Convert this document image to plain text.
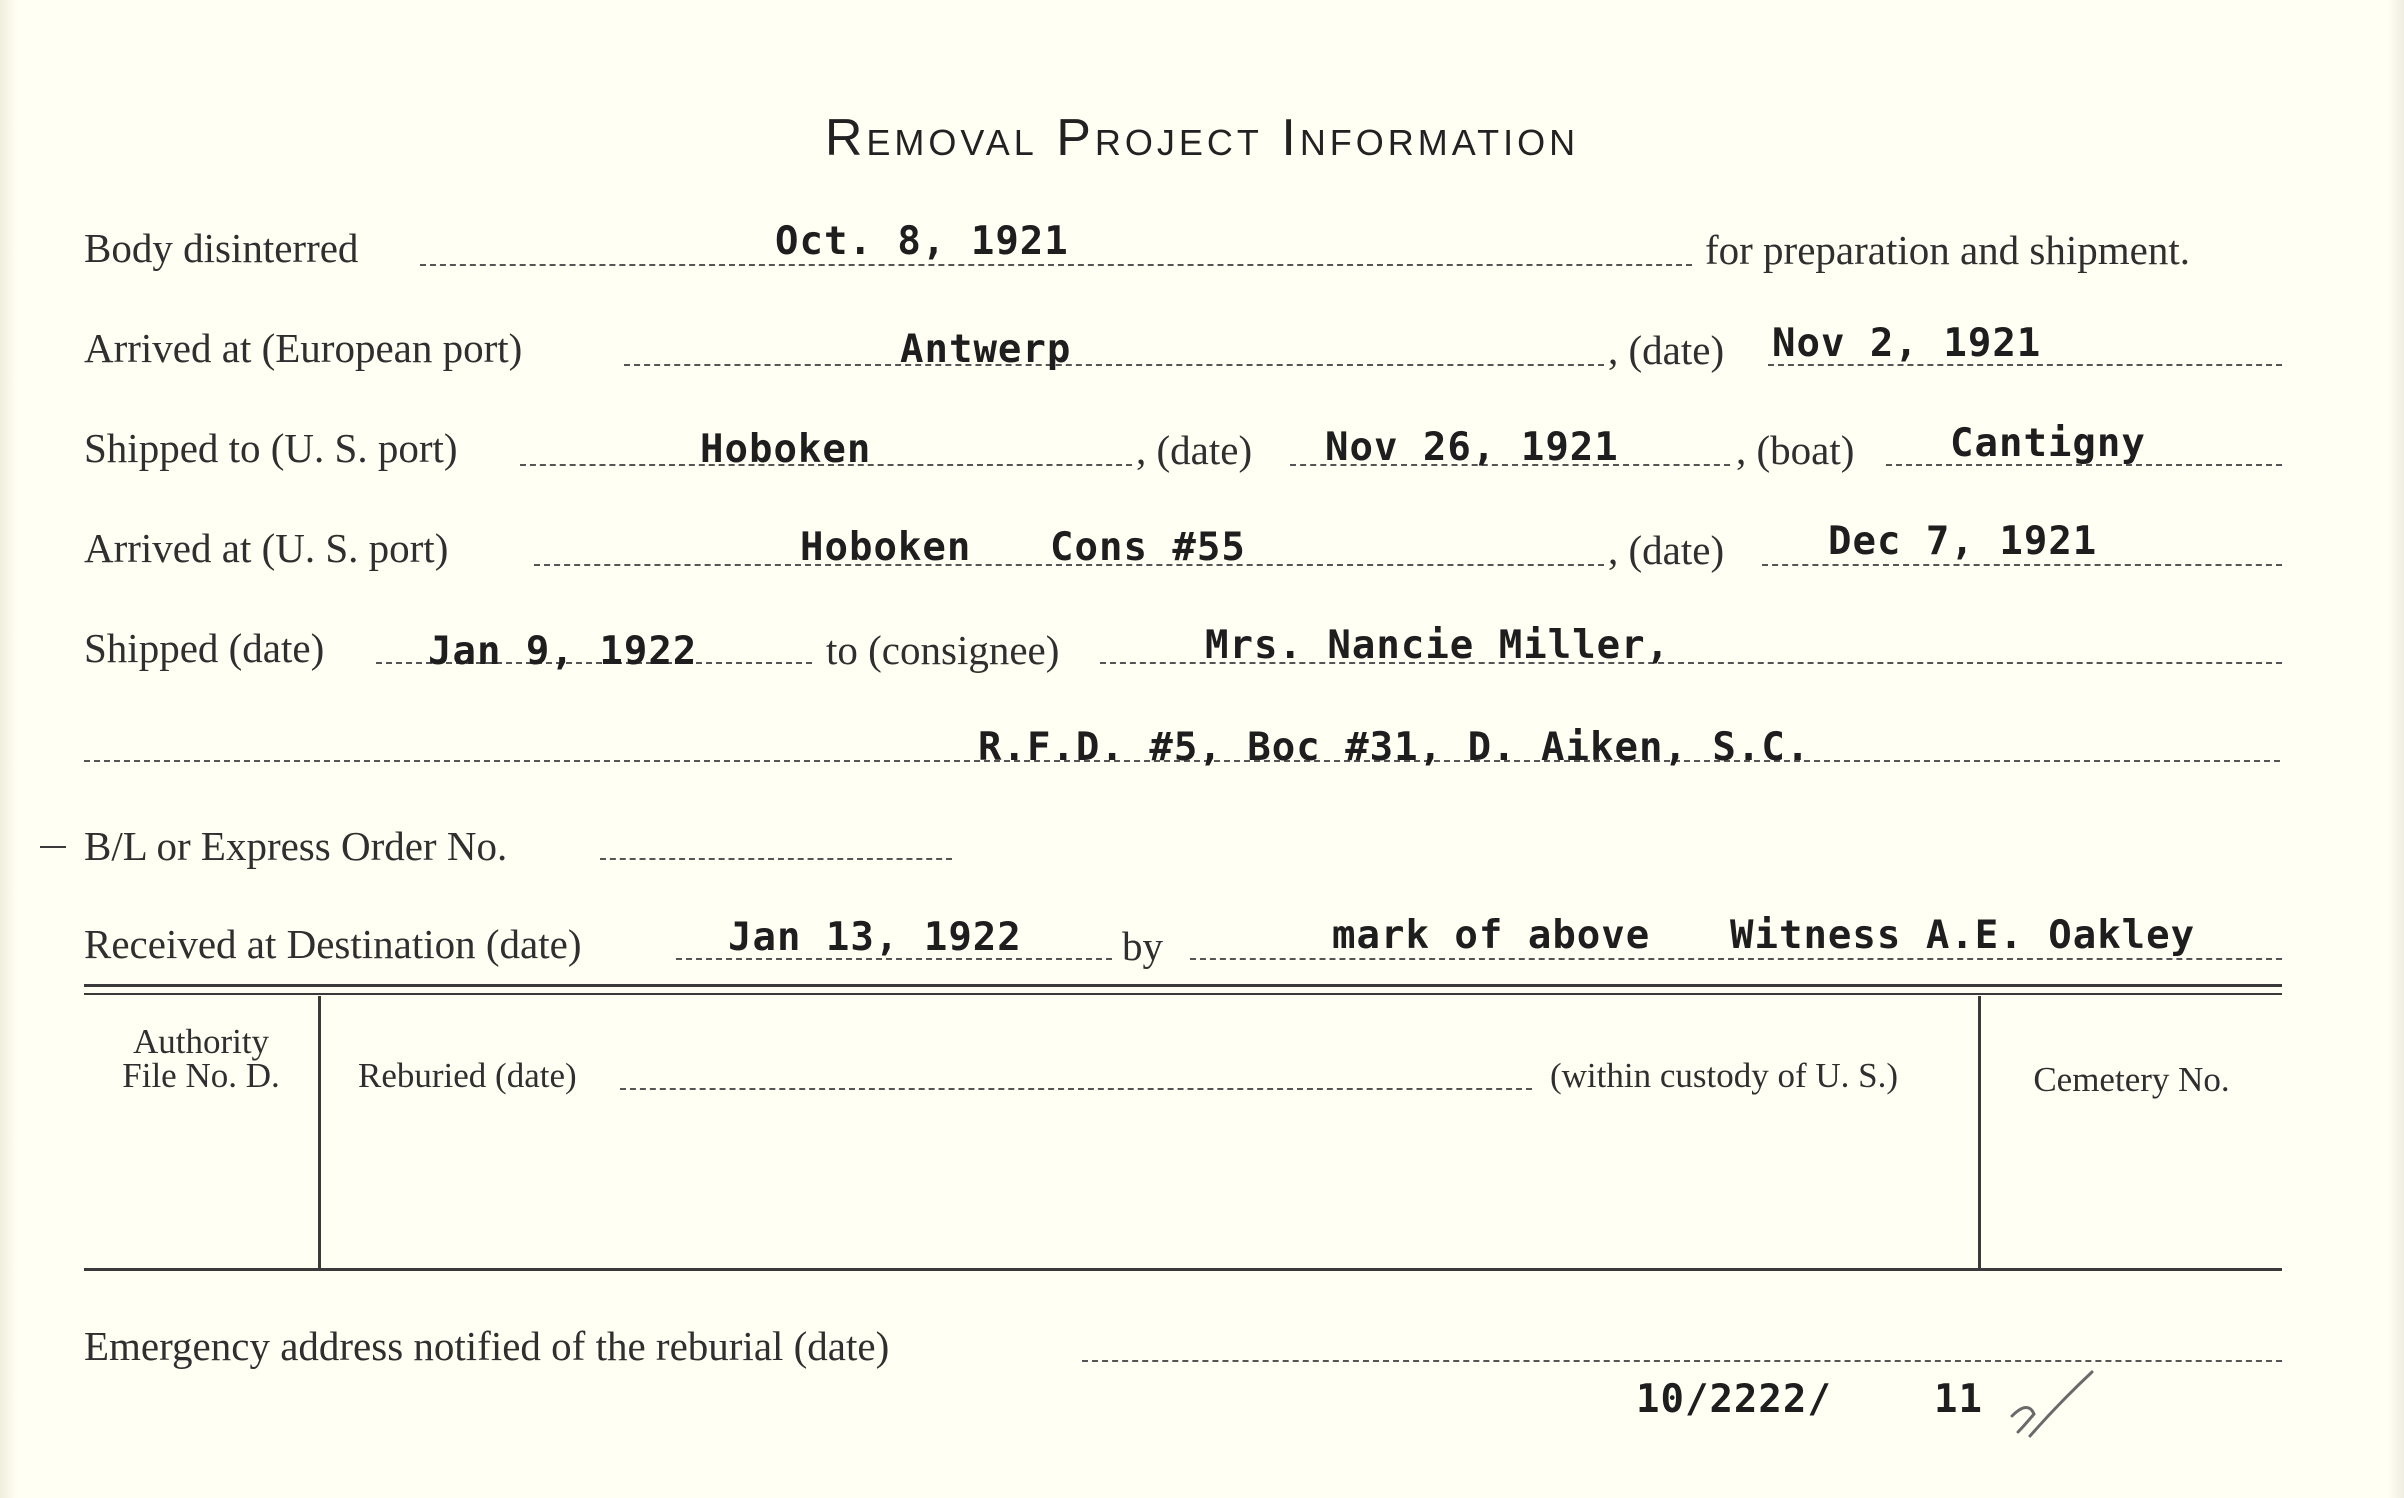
Removal Project Information
Body disinterred	Oct. 8, 1921	for preparation and shipment.
Arrived at (European port)	Antwerp	, (date) Nov 2, 1921
Shipped to (U. S. port)	Hoboken	, (date) Nov 26, 1921	, (boat) Cantigny
Arrived at (U. S. port)	Hoboken Cons #55	, (date)	Dec 7, 1921
Shipped (date)	Jan 9, 1922	to (consignee)	Mrs. Nancie Miller,
R.F.D. #5, Boc #31, D. Aiken, S.C.
B/L or Express Order No.
Received at Destination (date)	Jan 13, 1922 by	mark of above Witness A.E. Oakley
Authority
File No. D.	Reburied (date)	(within custody of U. S.)	Cemetery No.
Emergency address notified of the reburial (date)
10/2222/	11
